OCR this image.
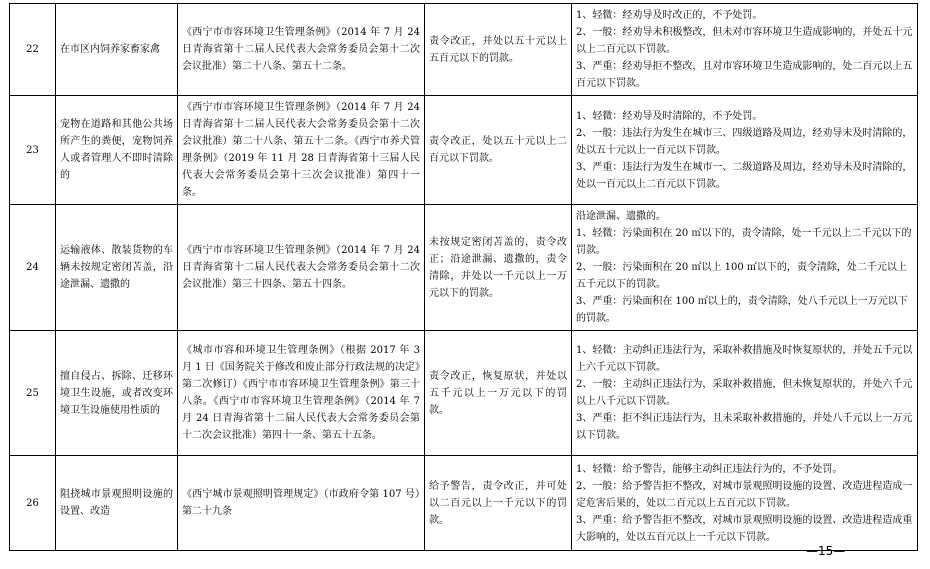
22	在市区内饲养家畜家禽	《西宁市市容环境卫生管理条例》（2014 年 7 月 24 日青海省第十二届人民代表大会常务委员会第十二次会议批准）第二十八条、第五十二条。	责令改正，并处以五十元以上五百元以下的罚款。	1、轻微：经劝导及时改正的，不予处罚。

2、一般：经劝导未积极整改，但未对市容环境卫生造成影响的，并处五十元以上二百元以下罚款。

3、严重：经劝导拒不整改，且对市容环境卫生造成影响的，处二百元以上五百元以下罚款。

23	宠物在道路和其他公共场所产生的粪便，宠物饲养人或者管理人不即时清除的	《西宁市市容环境卫生管理条例》（2014 年 7 月 24 日青海省第十二届人民代表大会常务委员会第十二次会议批准）第二十八条、第五十二条。《西宁市养犬管理条例》（2019 年 11 月 28 日青海省第十三届人民代表大会常务委员会第十三次会议批准）第四十一条。	责令改正，处以五十元以上二百元以下罚款。	1、轻微：经劝导及时清除的，不予处罚。

2、一般：违法行为发生在城市三、四级道路及周边，经劝导未及时清除的，处以五十元以上一百元以下罚款。

3、严重：违法行为发生在城市一、二级道路及周边，经劝导未及时清除的，处以一百元以上二百元以下罚款。

24	运输液体、散装货物的车辆未按规定密闭苫盖，沿途泄漏、遗撒的	《西宁市市容环境卫生管理条例》（2014 年 7 月 24 日青海省第十二届人民代表大会常务委员会第十二次会议批准）第三十四条、第五十四条。	未按规定密闭苫盖的，责令改正；沿途泄漏、遗撒的，责令清除，并处以一千元以上一万元以下的罚款。	沿途泄漏、遗撒的。

1、轻微：污染面积在 20 ㎡以下的，责令清除，处一千元以上二千元以下的罚款。

2、一般：污染面积在 20 ㎡以上 100 ㎡以下的，责令清除，处二千元以上五千元以下的罚款。

3、严重：污染面积在 100 ㎡以上的，责令清除，处八千元以上一万元以下的罚款。

25	擅自侵占、拆除、迁移环境卫生设施，或者改变环境卫生设施使用性质的	《城市市容和环境卫生管理条例》（根据 2017 年 3 月 1 日《国务院关于修改和废止部分行政法规的决定》第二次修订）《西宁市市容环境卫生管理条例》第三十八条。《西宁市市容环境卫生管理条例》（2014 年 7 月 24 日青海省第十二届人民代表大会常务委员会第十二次会议批准）第四十一条、第五十五条。	责令改正，恢复原状，并处以五千元以上一万元以下的罚款。	1、轻微：主动纠正违法行为，采取补救措施及时恢复原状的，并处五千元以上六千元以下罚款。

2、一般：主动纠正违法行为，采取补救措施，但未恢复原状的，并处六千元以上八千元以下罚款。

3、严重：拒不纠正违法行为，且未采取补救措施的，并处八千元以上一万元以下罚款。

26	阻挠城市景观照明设施的设置、改造	《西宁城市景观照明管理规定》（市政府令第 107 号）第二十九条	给予警告，责令改正，并可处以二百元以上一千元以下的罚款。	1、轻微：给予警告，能够主动纠正违法行为的，不予处罚。

2、一般：给予警告拒不整改，对城市景观照明设施的设置、改造进程造成一定危害后果的，处以二百元以上五百元以下罚款。

3、严重：给予警告拒不整改，对城市景观照明设施的设置、改造进程造成重大影响的，处以五百元以上一千元以下罚款。

—15—
